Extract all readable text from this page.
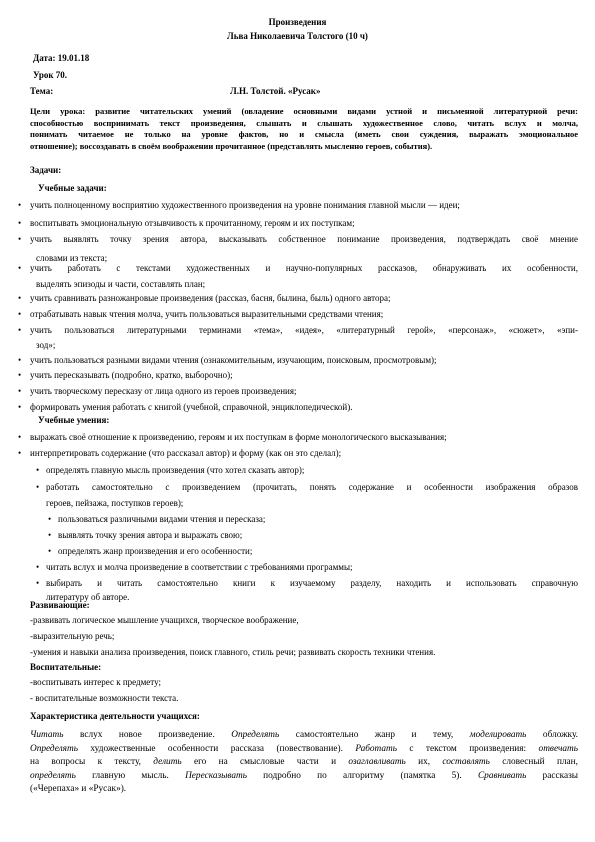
Произведения
Льва Николаевича Толстого (10 ч)
Дата: 19.01.18
Урок 70.
Тема:	Л.Н. Толстой. «Русак»
Цели урока: развитие читательских умений (овладение основными видами устной и письменной литературной речи:
способностью воспринимать текст произведения, слышать и слышать художественное слово, читать вслух и молча,
понимать читаемое не только на уровне фактов, но и смысла (иметь свои суждения, выражать эмоциональное
отношение); воссоздавать в своём воображении прочитанное (представлять мысленно героев, события).
Задачи:
Учебные задачи:
• учить полноценному восприятию художественного произведения на уровне понимания главной мысли — идеи;
• воспитывать эмоциональную отзывчивость к прочитанному, героям и их поступкам;
• учить выявлять точку зрения автора, высказывать собственное понимание произведения, подтверждать своё мнение
словами из текста;
• учить работать с текстами художественных и научно-популярных рассказов, обнаруживать их особенности,
выделять эпизоды и части, составлять план;
• учить сравнивать разножанровые произведения (рассказ, басня, былина, быль) одного автора;
• отрабатывать навык чтения молча, учить пользоваться выразительными средствами чтения;
• учить пользоваться литературными терминами «тема», «идея», «литературный герой», «персонаж», «сюжет», «эпи-
зод»;
• учить пользоваться разными видами чтения (ознакомительным, изучающим, поисковым, просмотровым);
• учить пересказывать (подробно, кратко, выборочно);
• учить творческому пересказу от лица одного из героев произведения;
• формировать умения работать с книгой (учебной, справочной, энциклопедической).
Учебные умения:
• выражать своё отношение к произведению, героям и их поступкам в форме монологического высказывания;
• интерпретировать содержание (что рассказал автор) и форму (как он это сделал);
• определять главную мысль произведения (что хотел сказать автор);
• работать самостоятельно с произведением (прочитать, понять содержание и особенности изображения образов
героев, пейзажа, поступков героев);
• пользоваться различными видами чтения и пересказа;
• выявлять точку зрения автора и выражать свою;
• определять жанр произведения и его особенности;
• читать вслух и молча произведение в соответствии с требованиями программы;
• выбирать и читать самостоятельно книги к изучаемому разделу, находить и использовать справочную
литературу об авторе.
Развивающие:
-развивать логическое мышление учащихся, творческое воображение,
-выразительную речь;
-умения и навыки анализа произведения, поиск главного, стиль речи; развивать скорость техники чтения.
Воспитательные:
-воспитывать интерес к предмету;
- воспитательные возможности текста.
Характеристика деятельности учащихся:
Читать вслух новое произведение. Определять самостоятельно жанр и тему, моделировать обложку.
Определять художественные особенности рассказа (повествование). Работать с текстом произведения: отвечать
на вопросы к тексту, делить его на смысловые части и озаглавливать их, составлять словесный план,
определять главную мысль. Пересказывать подробно по алгоритму (памятка 5). Сравнивать рассказы
(«Черепаха» и «Русак»).
